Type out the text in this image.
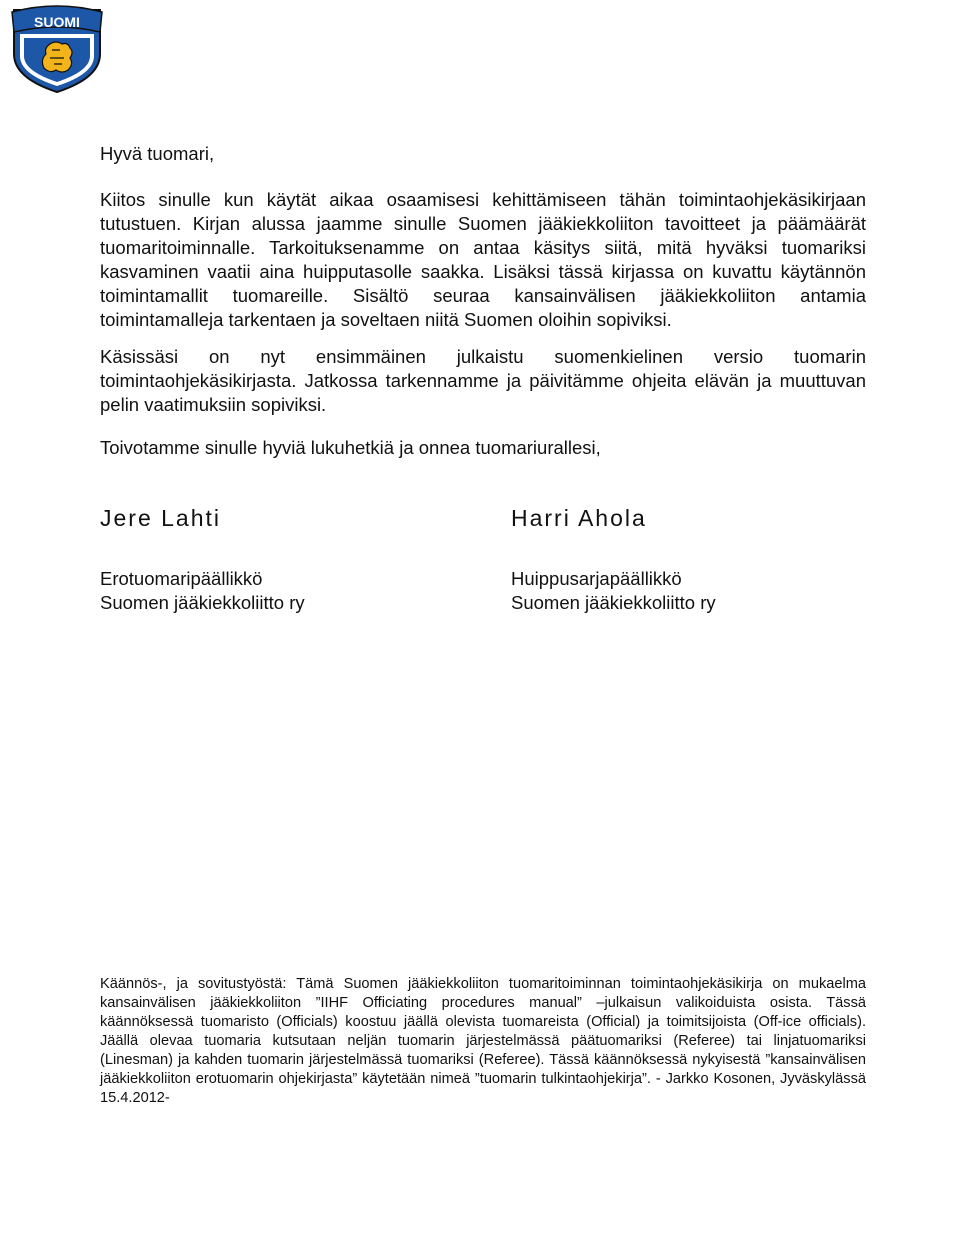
SUOMI

Hyvä tuomari,

Kiitos sinulle kun käytät aikaa osaamisesi kehittämiseen tähän toimintaohjekäsikirjaan tutustuen. Kirjan alussa jaamme sinulle Suomen jääkiekkoliiton tavoitteet ja päämäärät tuomaritoiminnalle. Tarkoituksenamme on antaa käsitys siitä, mitä hyväksi tuomariksi kasvaminen vaatii aina huipputasolle saakka. Lisäksi tässä kirjassa on kuvattu käytännön toimintamallit tuomareille. Sisältö seuraa kansainvälisen jääkiekkoliiton antamia toimintamalleja tarkentaen ja soveltaen niitä Suomen oloihin sopiviksi.

Käsissäsi on nyt ensimmäinen julkaistu suomenkielinen versio tuomarin toimintaohjekäsikirjasta. Jatkossa tarkennamme ja päivitämme ohjeita elävän ja muuttuvan pelin vaatimuksiin sopiviksi.

Toivotamme sinulle hyviä lukuhetkiä ja onnea tuomariurallesi,

Jere Lahti

Erotuomaripäällikkö

Suomen jääkiekkoliitto ry

Harri Ahola

Huippusarjapäällikkö

Suomen jääkiekkoliitto ry

Käännös-, ja sovitustyöstä: Tämä Suomen jääkiekkoliiton tuomaritoiminnan toimintaohjekäsikirja on mukaelma kansainvälisen jääkiekkoliiton ”IIHF Officiating procedures manual” –julkaisun valikoiduista osista. Tässä käännöksessä tuomaristo (Officials) koostuu jäällä olevista tuomareista (Official) ja toimitsijoista (Off-ice officials). Jäällä olevaa tuomaria kutsutaan neljän tuomarin järjestelmässä päätuomariksi (Referee) tai linjatuomariksi (Linesman) ja kahden tuomarin järjestelmässä tuomariksi (Referee). Tässä käännöksessä nykyisestä ”kansainvälisen jääkiekkoliiton erotuomarin ohjekirjasta” käytetään nimeä ”tuomarin tulkintaohjekirja”. - Jarkko Kosonen, Jyväskylässä 15.4.2012-
